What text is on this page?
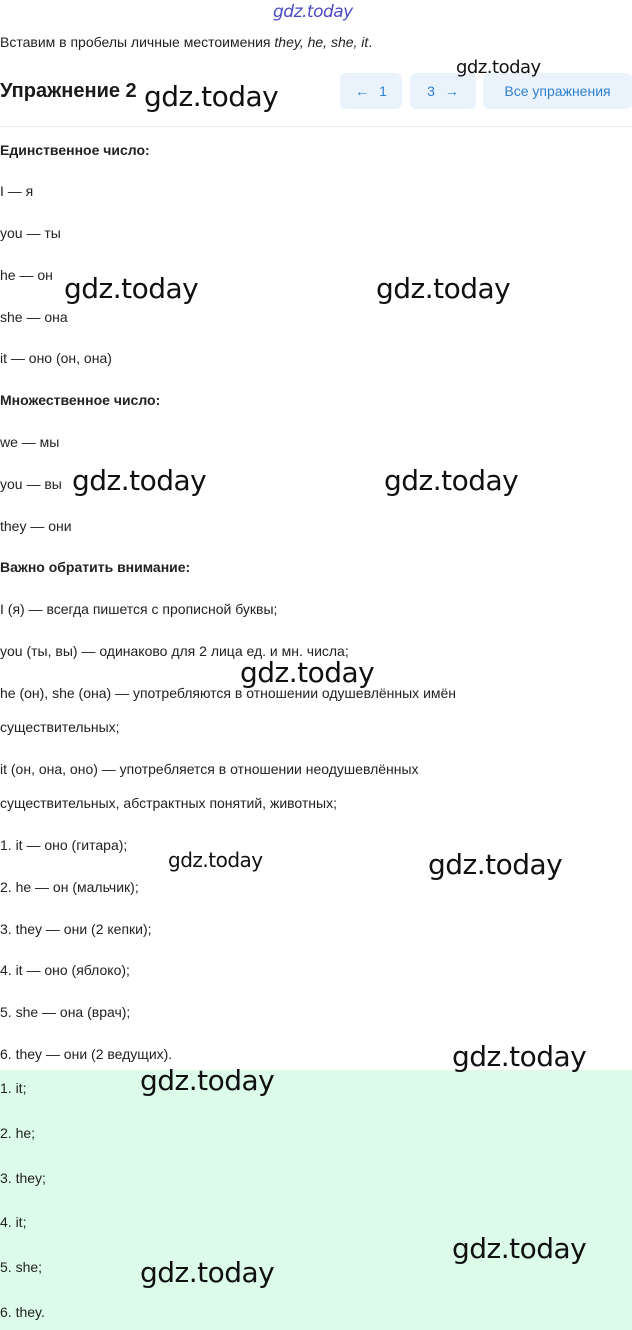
gdz.today
Вставим в пробелы личные местоимения they, he, she, it.
Упражнение 2	← 1	3 →	Все упражнения
Единственное число:
I — я
you — ты
he — он
she — она
it — оно (он, она)
Множественное число:
we — мы
you — вы
they — они
Важно обратить внимание:
I (я) — всегда пишется с прописной буквы;
you (ты, вы) — одинаково для 2 лица ед. и мн. числа;
he (он), she (она) — употребляются в отношении одушевлённых имён
существительных;
it (он, она, оно) — употребляется в отношении неодушевлённых
существительных, абстрактных понятий, животных;
1. it — оно (гитара);
2. he — он (мальчик);
3. they — они (2 кепки);
4. it — оно (яблоко);
5. she — она (врач);
6. they — они (2 ведущих).
1. it;
2. he;
3. they;
4. it;
5. she;
6. they.
gdz.today
gdz.today
gdz.today	gdz.today
gdz.today	gdz.today
gdz.today
gdz.today	gdz.today
gdz.today
gdz.today
gdz.today
gdz.today
